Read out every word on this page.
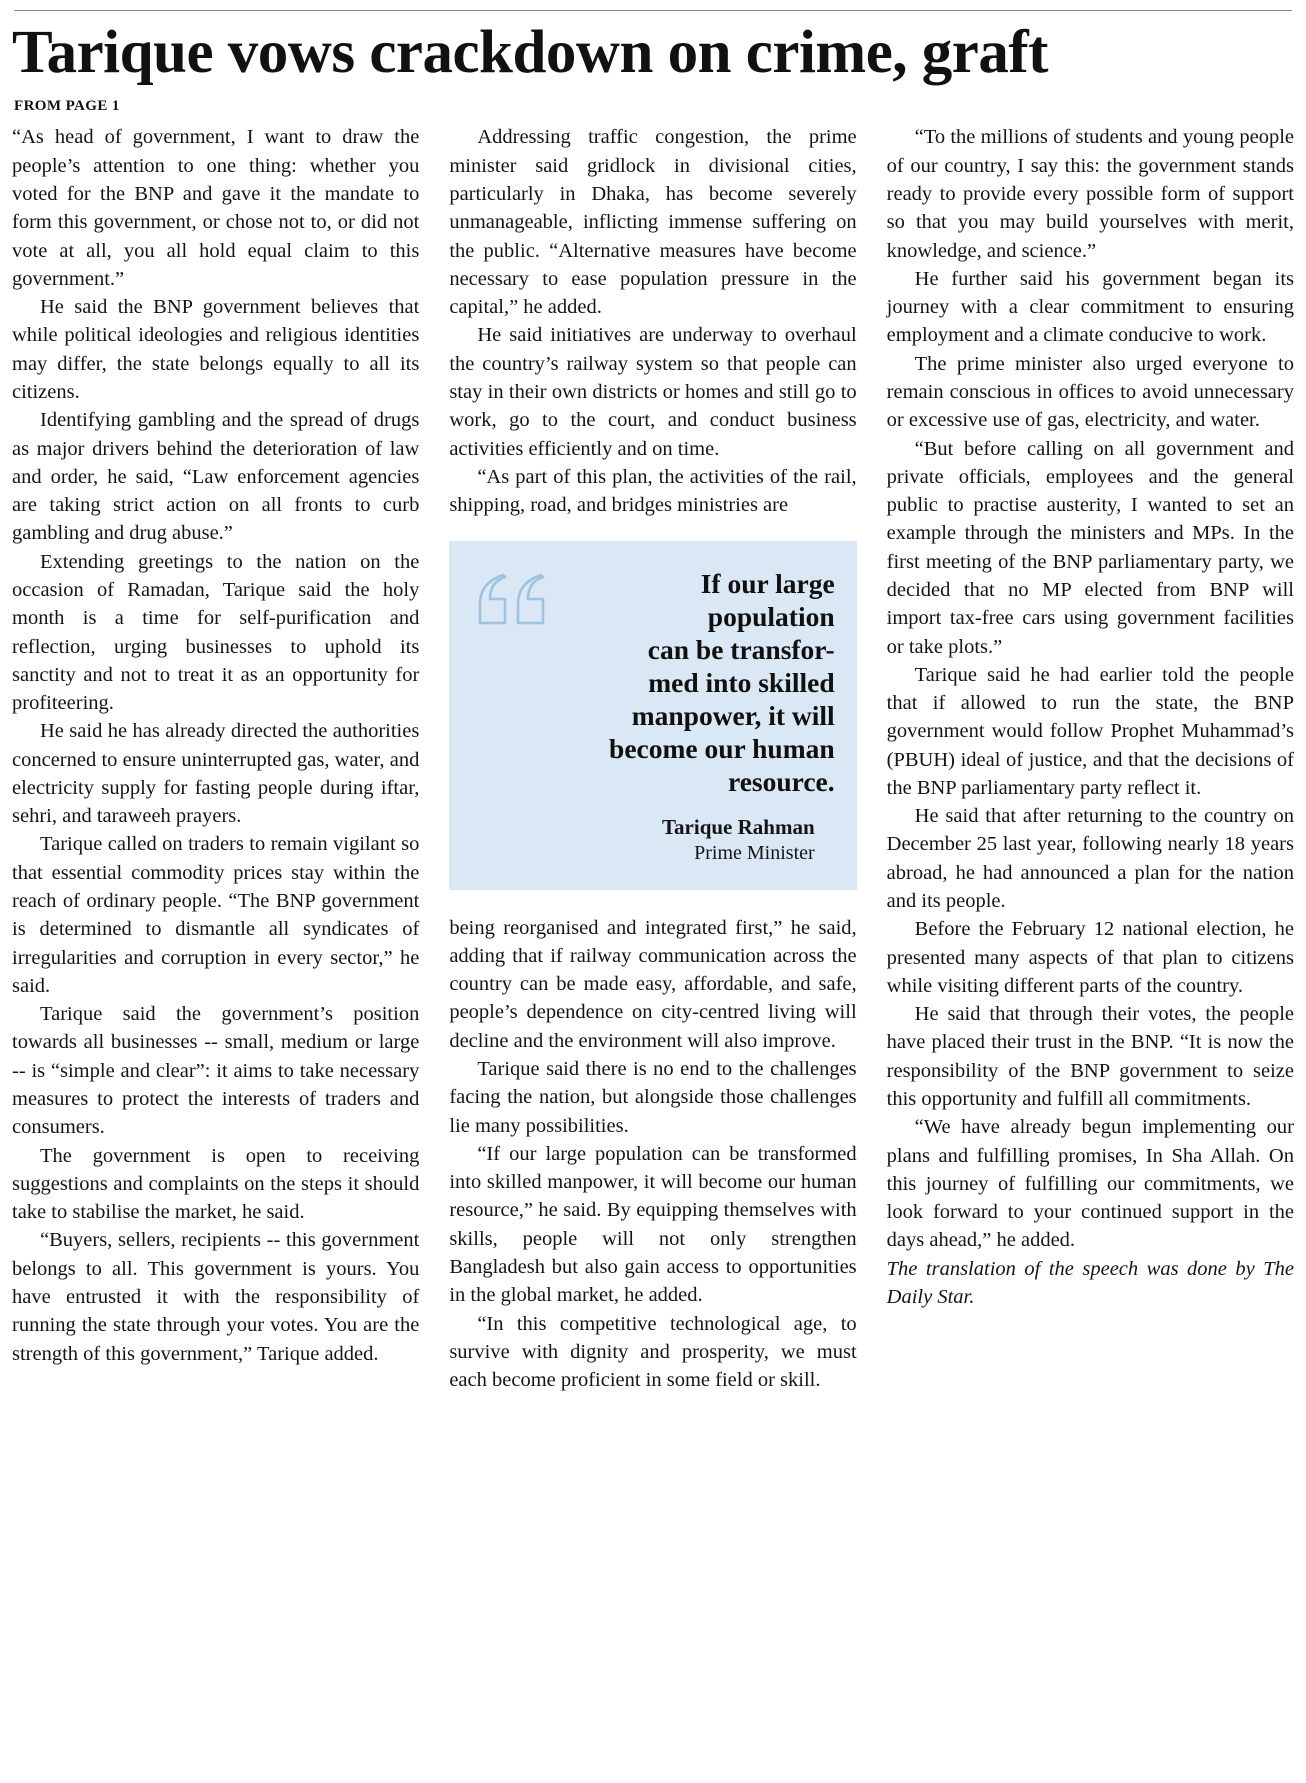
Tarique vows crackdown on crime, graft
FROM PAGE 1

“As head of government, I want to draw the people’s attention to one thing: whether you voted for the BNP and gave it the mandate to form this government, or chose not to, or did not vote at all, you all hold equal claim to this government.”

He said the BNP government believes that while political ideologies and religious identities may differ, the state belongs equally to all its citizens.

Identifying gambling and the spread of drugs as major drivers behind the deterioration of law and order, he said, “Law enforcement agencies are taking strict action on all fronts to curb gambling and drug abuse.”

Extending greetings to the nation on the occasion of Ramadan, Tarique said the holy month is a time for self-purification and reflection, urging businesses to uphold its sanctity and not to treat it as an opportunity for profiteering.

He said he has already directed the authorities concerned to ensure uninterrupted gas, water, and electricity supply for fasting people during iftar, sehri, and taraweeh prayers.

Tarique called on traders to remain vigilant so that essential commodity prices stay within the reach of ordinary people. “The BNP government is determined to dismantle all syndicates of irregularities and corruption in every sector,” he said.

Tarique said the government’s position towards all businesses -- small, medium or large -- is “simple and clear”: it aims to take necessary measures to protect the interests of traders and consumers.

The government is open to receiving suggestions and complaints on the steps it should take to stabilise the market, he said.

“Buyers, sellers, recipients -- this government belongs to all. This government is yours. You have entrusted it with the responsibility of running the state through your votes. You are the strength of this government,” Tarique added.

Addressing traffic congestion, the prime minister said gridlock in divisional cities, particularly in Dhaka, has become severely unmanageable, inflicting immense suffering on the public. “Alternative measures have become necessary to ease population pressure in the capital,” he added.

He said initiatives are underway to overhaul the country’s railway system so that people can stay in their own districts or homes and still go to work, go to the court, and conduct business activities efficiently and on time.

“As part of this plan, the activities of the rail, shipping, road, and bridges ministries are

If our large
population
can be transfor-
med into skilled
manpower, it will
become our human
resource.
Tarique Rahman
Prime Minister

being reorganised and integrated first,” he said, adding that if railway communication across the country can be made easy, affordable, and safe, people’s dependence on city-centred living will decline and the environment will also improve.

Tarique said there is no end to the challenges facing the nation, but alongside those challenges lie many possibilities.

“If our large population can be transformed into skilled manpower, it will become our human resource,” he said. By equipping themselves with skills, people will not only strengthen Bangladesh but also gain access to opportunities in the global market, he added.

“In this competitive technological age, to survive with dignity and prosperity, we must each become proficient in some field or skill.

“To the millions of students and young people of our country, I say this: the government stands ready to provide every possible form of support so that you may build yourselves with merit, knowledge, and science.”

He further said his government began its journey with a clear commitment to ensuring employment and a climate conducive to work.

The prime minister also urged everyone to remain conscious in offices to avoid unnecessary or excessive use of gas, electricity, and water.

“But before calling on all government and private officials, employees and the general public to practise austerity, I wanted to set an example through the ministers and MPs. In the first meeting of the BNP parliamentary party, we decided that no MP elected from BNP will import tax-free cars using government facilities or take plots.”

Tarique said he had earlier told the people that if allowed to run the state, the BNP government would follow Prophet Muhammad’s (PBUH) ideal of justice, and that the decisions of the BNP parliamentary party reflect it.

He said that after returning to the country on December 25 last year, following nearly 18 years abroad, he had announced a plan for the nation and its people.

Before the February 12 national election, he presented many aspects of that plan to citizens while visiting different parts of the country.

He said that through their votes, the people have placed their trust in the BNP. “It is now the responsibility of the BNP government to seize this opportunity and fulfill all commitments.

“We have already begun implementing our plans and fulfilling promises, In Sha Allah. On this journey of fulfilling our commitments, we look forward to your continued support in the days ahead,” he added.

The translation of the speech was done by The Daily Star.
